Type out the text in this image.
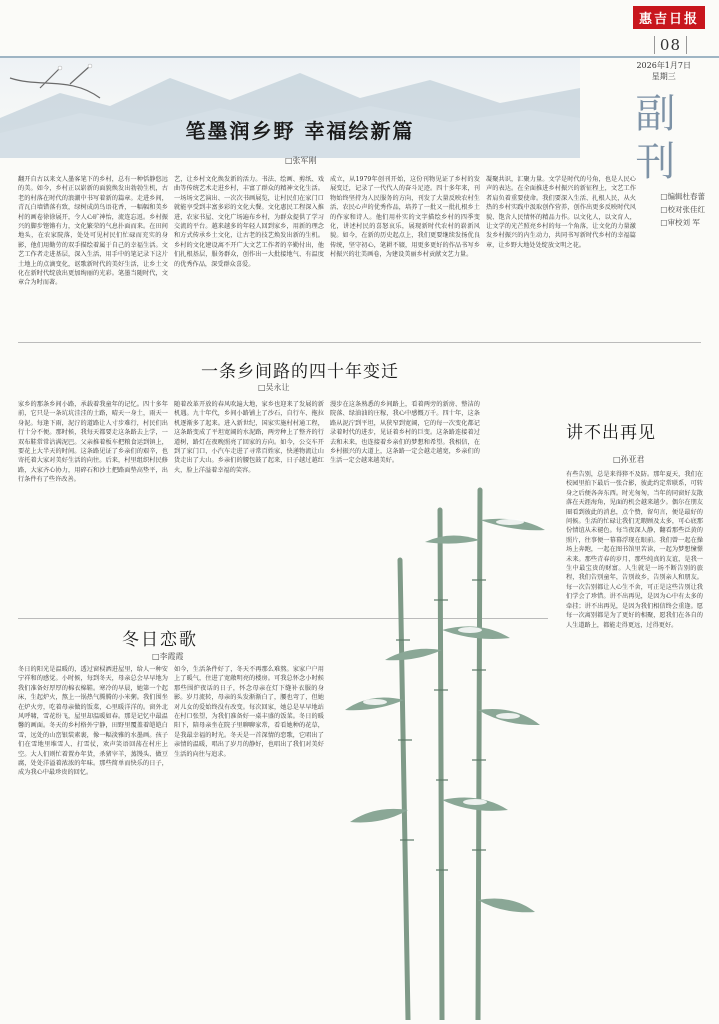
惠吉日报
08
2026年1月7日
星期三
副刊
□编辑杜春蕾
□校对张佳红
□审校刘 军
笔墨润乡野 幸福绘新篇
□张军刚
翻开自古以来文人墨客笔下的乡村，总有一种恬静悠远的美。如今，乡村正以崭新的面貌焕发出勃勃生机，古老的村落在时代的浪潮中书写着新的篇章。走进乡间，青瓦白墙错落有致，绿树成荫鸟语花香，一幅幅和美乡村的画卷徐徐展开，令人心旷神怡，流连忘返。乡村振兴的脚步铿锵有力，文化繁荣的气息扑面而来。在田间地头，在农家院落，处处可见村民们忙碌而充实的身影，他们用勤劳的双手描绘着属于自己的幸福生活。文艺工作者走进基层，深入生活，用手中的笔记录下这片土地上的点滴变化，讴歌新时代的美好生活，让乡土文化在新时代绽放出更加绚丽的光彩。笔墨当随时代，文章合为时而著。
艺，让乡村文化焕发新的活力。书法、绘画、剪纸、戏曲等传统艺术走进乡村，丰富了群众的精神文化生活。一场场文艺演出、一次次书画展览，让村民们在家门口就能享受到丰富多彩的文化大餐。文化惠民工程深入推进，农家书屋、文化广场遍布乡村，为群众提供了学习交流的平台。越来越多的年轻人回到家乡，用新的理念和方式传承乡土文化，让古老的技艺焕发出新的生机。乡村的文化建设离不开广大文艺工作者的辛勤付出，他们扎根基层，服务群众，创作出一大批接地气、有温度的优秀作品，深受群众喜爱。
成立，从1979年创刊开始，这份刊物见证了乡村的发展变迁，记录了一代代人的奋斗足迹。四十多年来，刊物始终坚持为人民服务的方向，刊发了大量反映农村生活、农民心声的优秀作品，培养了一批又一批扎根乡土的作家和诗人。他们用朴实的文字描绘乡村的四季变化，讲述村民的喜怒哀乐，展现新时代农村的崭新风貌。如今，在新的历史起点上，我们更要继续发扬优良传统，坚守初心，笔耕不辍，用更多更好的作品书写乡村振兴的壮美画卷，为建设美丽乡村贡献文艺力量。
凝聚共识，汇聚力量。文学是时代的号角，也是人民心声的表达。在全面推进乡村振兴的新征程上，文艺工作者肩负着重要使命。我们要深入生活、扎根人民，从火热的乡村实践中汲取创作营养，创作出更多反映时代风貌、饱含人民情怀的精品力作。以文化人，以文育人，让文学的光芒照亮乡村的每一个角落，让文化的力量激发乡村振兴的内生动力，共同书写新时代乡村的幸福篇章，让乡野大地处处绽放文明之花。
一条乡间路的四十年变迁
□吴永让
家乡的那条乡间小路，承载着我童年的记忆。四十多年前，它只是一条坑坑洼洼的土路，晴天一身土，雨天一身泥。每逢下雨，泥泞的道路让人寸步难行，村民们出行十分不便。那时候，我每天都要走这条路去上学，一双布鞋常常沾满泥巴。父亲推着板车把粮食运到镇上，要花上大半天的时间。这条路见证了乡亲们的艰辛，也寄托着大家对美好生活的向往。后来，村里组织村民修路，大家齐心协力，用碎石和沙土把路面垫高垫平，出行条件有了些许改善。
随着改革开放的春风吹遍大地，家乡也迎来了发展的新机遇。九十年代，乡间小路铺上了沙石，自行车、拖拉机逐渐多了起来。进入新世纪，国家实施村村通工程，这条路变成了平坦宽阔的水泥路，两旁种上了整齐的行道树，路灯在夜晚照亮了回家的方向。如今，公交车开到了家门口，小汽车走进了寻常百姓家，快递物流让山货走出了大山。乡亲们的腰包鼓了起来，日子越过越红火，脸上洋溢着幸福的笑容。
漫步在这条熟悉的乡间路上，看着两旁的新房、整洁的院落、绿油油的庄稼，我心中感慨万千。四十年，这条路从泥泞到平坦，从狭窄到宽阔，它的每一次变化都记录着时代的进步，见证着乡村的巨变。这条路连接着过去和未来，也连接着乡亲们的梦想和希望。我相信，在乡村振兴的大道上，这条路一定会越走越宽，乡亲们的生活一定会越来越美好。
冬日恋歌
□李霞霞
冬日的阳光是温暖的，透过窗棂洒进屋里，给人一种安宁祥和的感觉。小时候，每到冬天，母亲总会早早地为我们准备好厚厚的棉衣棉鞋。寒冷的早晨，她第一个起床，生起炉火，熬上一锅热气腾腾的小米粥。我们围坐在炉火旁，吃着母亲做的饭菜，心里暖洋洋的。窗外北风呼啸，雪花纷飞，屋里却温暖如春。那是记忆中最温馨的画面。冬天的乡村格外宁静，田野里覆盖着皑皑白雪，远处的山峦银装素裹，像一幅淡雅的水墨画。孩子们在雪地里堆雪人、打雪仗，欢声笑语回荡在村庄上空。大人们则忙着置办年货，杀猪宰羊，蒸馒头、做豆腐，处处洋溢着浓浓的年味。那些简单而快乐的日子，成为我心中最珍贵的回忆。
如今，生活条件好了，冬天不再那么难熬。家家户户用上了暖气，住进了宽敞明亮的楼房。可我总怀念小时候那些围炉夜话的日子，怀念母亲在灯下缝补衣服的身影。岁月流转，母亲的头发渐渐白了，腰也弯了，但她对儿女的爱始终没有改变。每次回家，她总是早早地站在村口张望，为我们准备好一桌丰盛的饭菜。冬日的暖阳下，陪母亲坐在院子里聊聊家常，看看她种的花草，是我最幸福的时光。冬天是一首深情的恋歌，它唱出了亲情的温暖，唱出了岁月的静好，也唱出了我们对美好生活的向往与追求。
讲不出再见
□孙亚君
有些告别，总是来得猝不及防。那年夏天，我们在校园里拍下最后一张合影，彼此约定常联系，可转身之后便各奔东西。时光匆匆，当年的同窗好友散落在天涯海角，见面的机会越来越少。偶尔在朋友圈看到彼此的消息，点个赞，留句言，便是最好的问候。生活的忙碌让我们无暇顾及太多，可心底那份情谊从未褪色。每当夜深人静，翻看那些泛黄的照片，往事便一幕幕浮现在眼前。我们曾一起在操场上奔跑，一起在图书馆里苦读，一起为梦想憧憬未来。那些青春的岁月，那些纯真的友谊，是我一生中最宝贵的财富。人生就是一场不断告别的旅程，我们告别童年，告别故乡，告别亲人和朋友。每一次告别都让人心生不舍，可正是这些告别让我们学会了珍惜。讲不出再见，是因为心中有太多的牵挂；讲不出再见，是因为我们相信终会重逢。愿每一次离别都是为了更好的相聚，愿我们在各自的人生道路上，都能走得更远，过得更好。
